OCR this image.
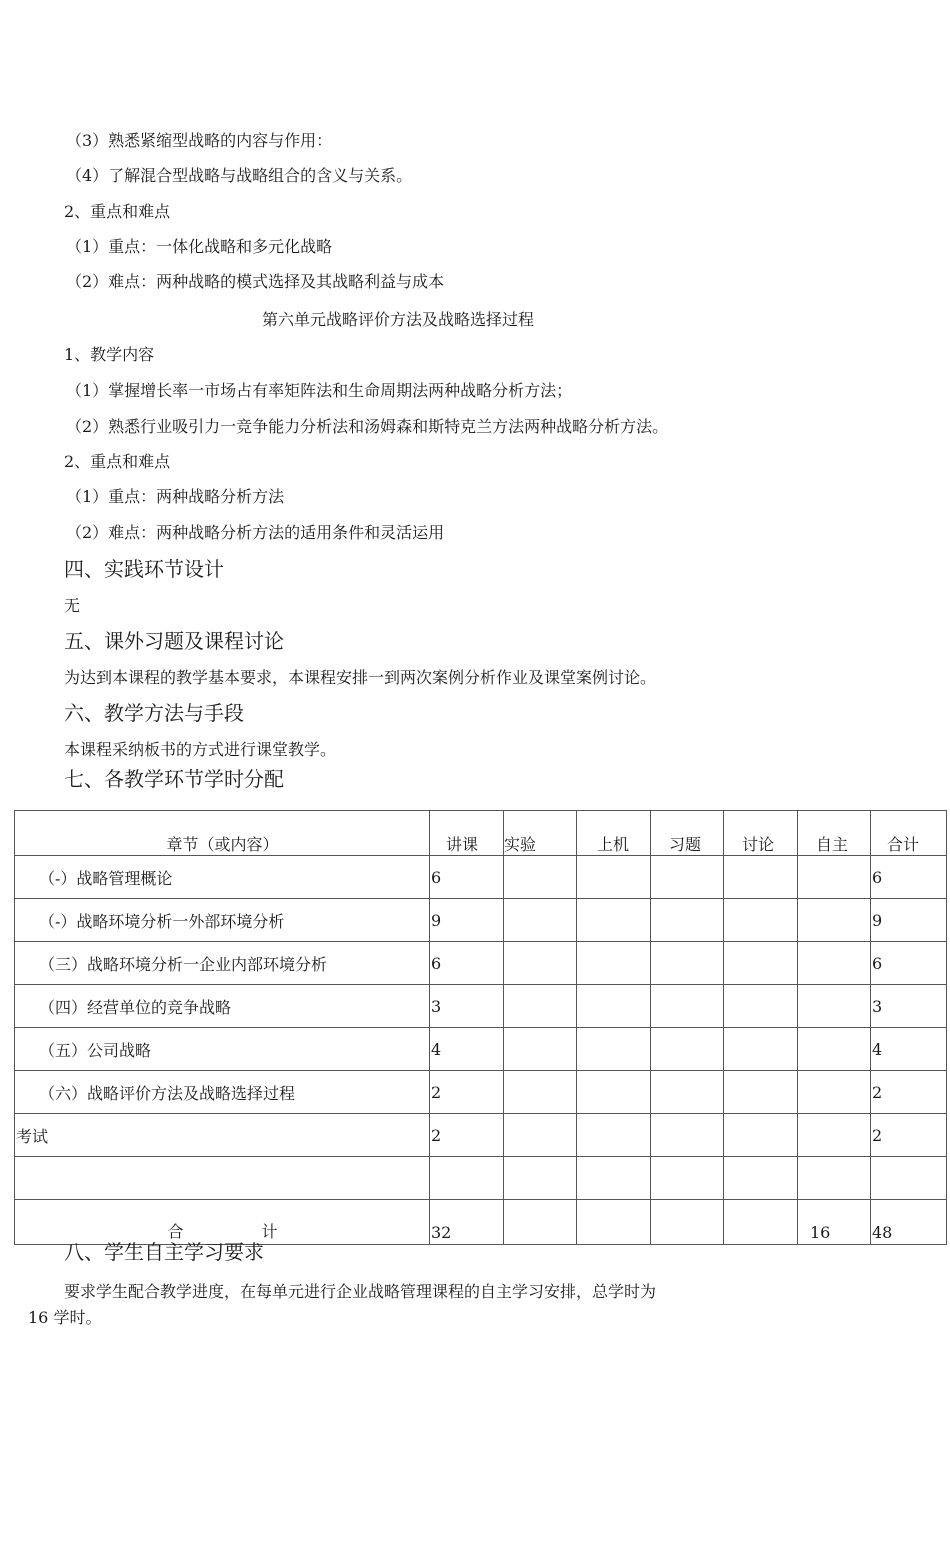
（3）熟悉紧缩型战略的内容与作用：
（4）了解混合型战略与战略组合的含义与关系。
2、重点和难点
（1）重点：一体化战略和多元化战略
（2）难点：两种战略的模式选择及其战略利益与成本
第六单元战略评价方法及战略选择过程
1、教学内容
（1）掌握增长率一市场占有率矩阵法和生命周期法两种战略分析方法；
（2）熟悉行业吸引力一竞争能力分析法和汤姆森和斯特克兰方法两种战略分析方法。
2、重点和难点
（1）重点：两种战略分析方法
（2）难点：两种战略分析方法的适用条件和灵活运用
四、实践环节设计
无
五、课外习题及课程讨论
为达到本课程的教学基本要求，本课程安排一到两次案例分析作业及课堂案例讨论。
六、教学方法与手段
本课程采纳板书的方式进行课堂教学。
七、各教学环节学时分配
章节（或内容）	讲课	实验	上机	习题	讨论	自主	合计
（-）战略管理概论	6						6
（-）战略环境分析一外部环境分析	9						9
（三）战略环境分析一企业内部环境分析	6						6
（四）经营单位的竞争战略	3						3
（五）公司战略	4						4
（六）战略评价方法及战略选择过程	2						2
考试	2						2

合 计	32					16	48
八、学生自主学习要求
要求学生配合教学进度，在每单元进行企业战略管理课程的自主学习安排，总学时为
16 学时。
